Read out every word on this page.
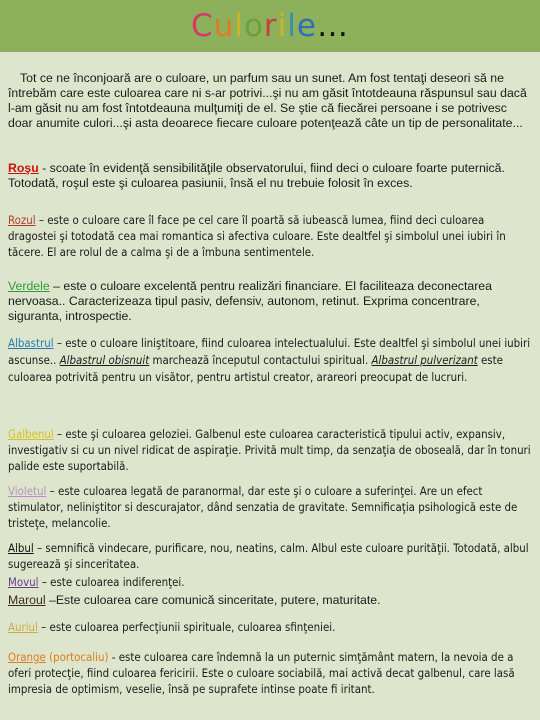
Culorile…
Tot ce ne înconjoară are o culoare, un parfum sau un sunet. Am fost tentaţi deseori să ne întrebăm care este culoarea care ni s-ar potrivi...şi nu am găsit întotdeauna răspunsul sau dacă l-am găsit nu am fost întotdeauna mulţumiţi de el. Se ştie că fiecărei persoane i se potrivesc doar anumite culori...şi asta deoarece fiecare culoare potenţează câte un tip de personalitate...
Roşu - scoate în evidenţă sensibilităţile observatorului, fiind deci o culoare foarte puternică. Totodată, roşul este şi culoarea pasiunii, însă el nu trebuie folosit în exces.
Rozul – este o culoare care îl face pe cel care îl poartă să iubească lumea, fiind deci culoarea dragostei şi totodată cea mai romantica si afectiva culoare. Este dealtfel şi simbolul unei iubiri în tăcere. El are rolul de a calma şi de a îmbuna sentimentele.
Verdele – este o culoare excelentă pentru realizări financiare. El faciliteaza deconectarea nervoasa.. Caracterizeaza tipul pasiv, defensiv, autonom, retinut. Exprima concentrare, siguranta, introspectie.
Albastrul – este o culoare liniştitoare, fiind culoarea intelectualului. Este dealtfel şi simbolul unei iubiri ascunse.. Albastrul obisnuit marchează începutul contactului spiritual. Albastrul pulverizant este culoarea potrivită pentru un visător, pentru artistul creator, arareori preocupat de lucruri.
Galbenul – este şi culoarea geloziei. Galbenul este culoarea caracteristică tipului activ, expansiv, investigativ si cu un nivel ridicat de aspiraţie. Privită mult timp, da senzaţia de oboseală, dar în tonuri palide este suportabilă.
Violetul – este culoarea legată de paranormal, dar este şi o culoare a suferinţei. Are un efect stimulator, neliniştitor si descurajator, dând senzatia de gravitate. Semnificaţia psihologică este de tristeţe, melancolie.
Albul – semnifică vindecare, purificare, nou, neatins, calm. Albul este culoare purităţii. Totodată, albul sugerează şi sinceritatea.
Movul – este culoarea indiferenţei.
Maroul –Este culoarea care comunică sinceritate, putere, maturitate.
Auriul – este culoarea perfecţiunii spirituale, culoarea sfinţeniei.
Orange (portocaliu) - este culoarea care îndemnă la un puternic simţământ matern, la nevoia de a oferi protecţie, fiind culoarea fericirii. Este o culoare sociabilă, mai activă decat galbenul, care lasă impresia de optimism, veselie, însă pe suprafete intinse poate fi iritant.
